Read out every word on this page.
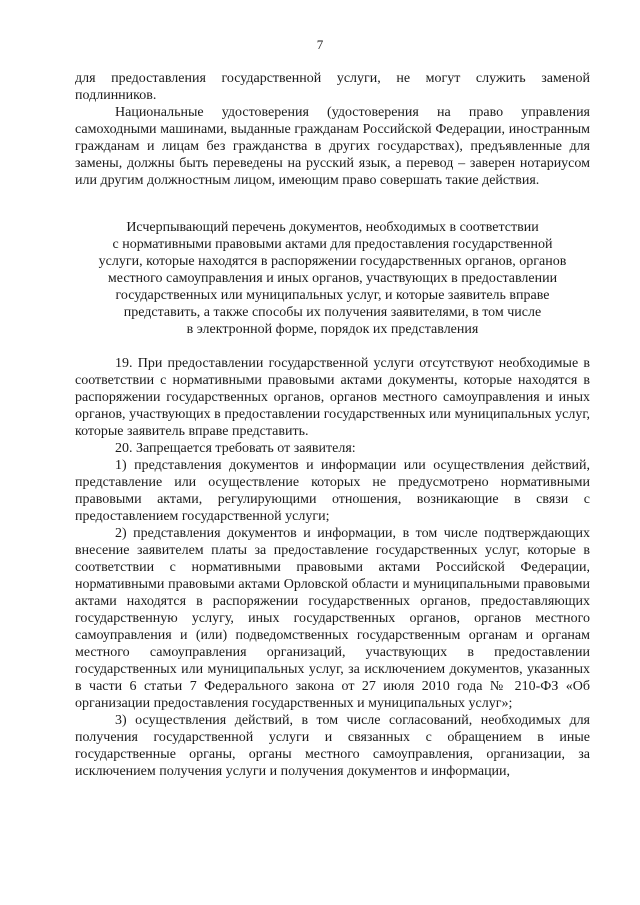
7

для предоставления государственной услуги, не могут служить заменой подлинников.

Национальные удостоверения (удостоверения на право управления самоходными машинами, выданные гражданам Российской Федерации, иностранным гражданам и лицам без гражданства в других государствах), предъявленные для замены, должны быть переведены на русский язык, а перевод – заверен нотариусом или другим должностным лицом, имеющим право совершать такие действия.

Исчерпывающий перечень документов, необходимых в соответствии
с нормативными правовыми актами для предоставления государственной
услуги, которые находятся в распоряжении государственных органов, органов
местного самоуправления и иных органов, участвующих в предоставлении
государственных или муниципальных услуг, и которые заявитель вправе
представить, а также способы их получения заявителями, в том числе
в электронной форме, порядок их представления

19. При предоставлении государственной услуги отсутствуют необходимые в соответствии с нормативными правовыми актами документы, которые находятся в распоряжении государственных органов, органов местного самоуправления и иных органов, участвующих в предоставлении государственных или муниципальных услуг, которые заявитель вправе представить.

20. Запрещается требовать от заявителя:

1) представления документов и информации или осуществления действий, представление или осуществление которых не предусмотрено нормативными правовыми актами, регулирующими отношения, возникающие в связи с предоставлением государственной услуги;

2) представления документов и информации, в том числе подтверждающих внесение заявителем платы за предоставление государственных услуг, которые в соответствии с нормативными правовыми актами Российской Федерации, нормативными правовыми актами Орловской области и муниципальными правовыми актами находятся в распоряжении государственных органов, предоставляющих государственную услугу, иных государственных органов, органов местного самоуправления и (или) подведомственных государственным органам и органам местного самоуправления организаций, участвующих в предоставлении государственных или муниципальных услуг, за исключением документов, указанных в части 6 статьи 7 Федерального закона от 27 июля 2010 года № 210-ФЗ «Об организации предоставления государственных и муниципальных услуг»;

3) осуществления действий, в том числе согласований, необходимых для получения государственной услуги и связанных с обращением в иные государственные органы, органы местного самоуправления, организации, за исключением получения услуги и получения документов и информации,
